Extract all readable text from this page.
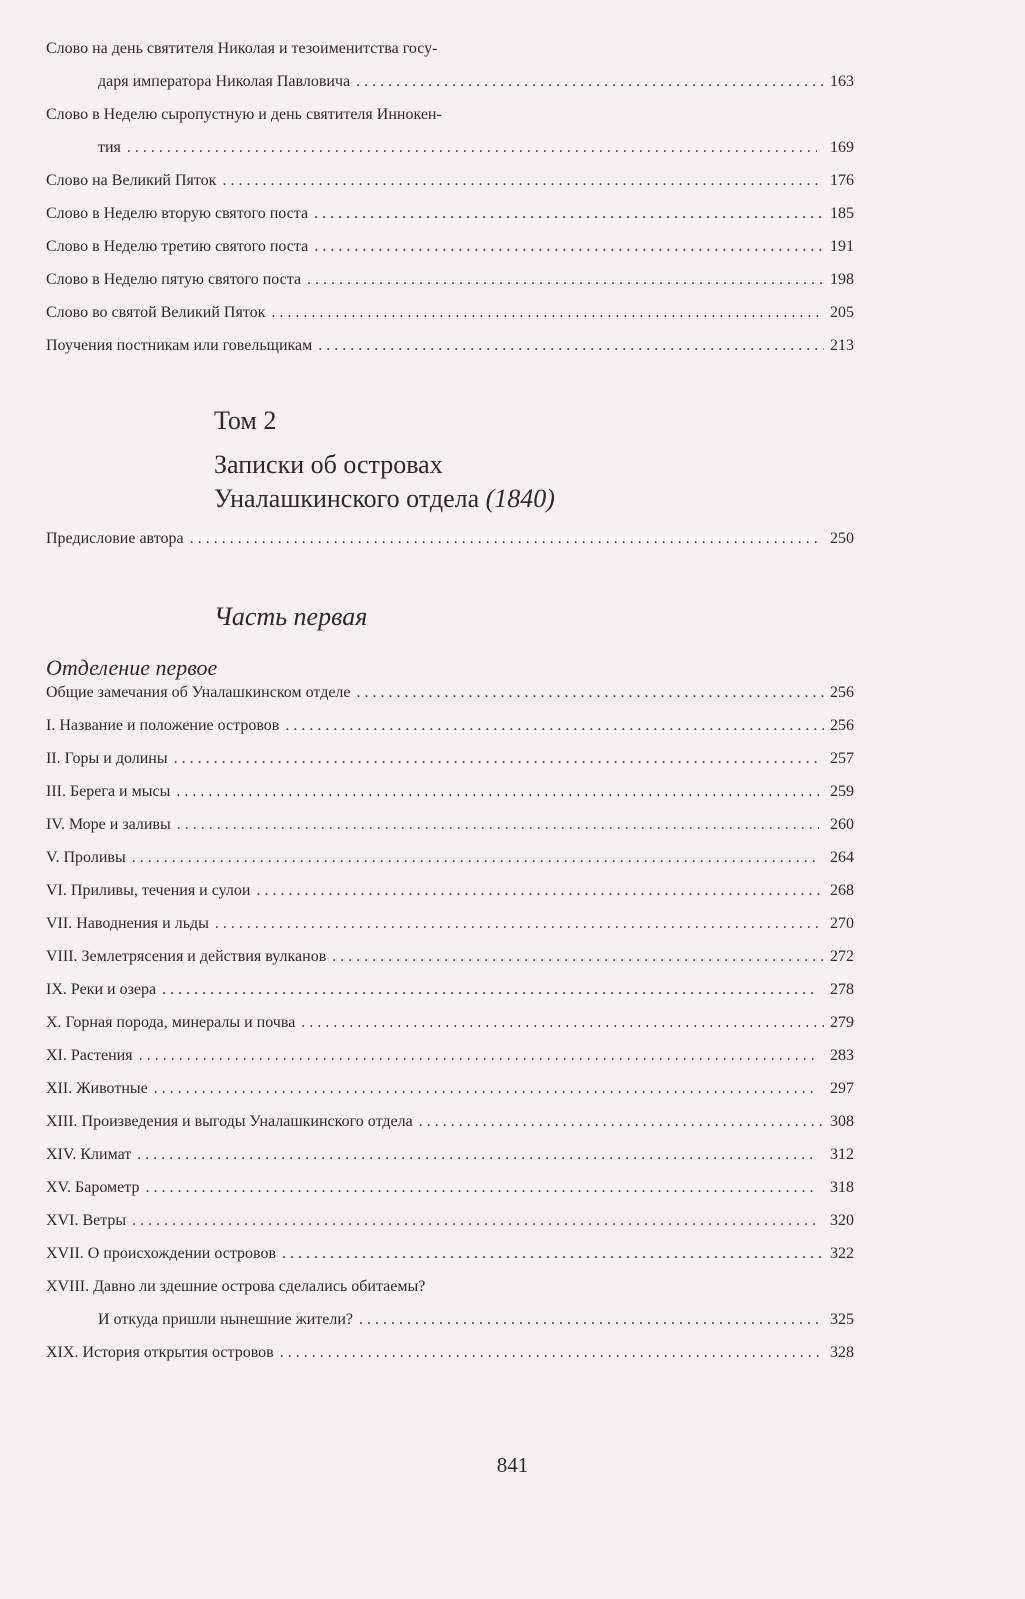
Слово на день святителя Николая и тезоименитства госу-
даря императора Николая Павловича . . .	163
Слово в Неделю сыропустную и день святителя Иннокен-
тия . . .	169
Слово на Великий Пяток . . .	176
Слово в Неделю вторую святого поста . . .	185
Слово в Неделю третию святого поста . . .	191
Слово в Неделю пятую святого поста . . .	198
Слово во святой Великий Пяток . . .	205
Поучения постникам или говельщикам . . .	213
Том 2
Записки об островах
Уналашкинского отдела (1840)
Предисловие автора . . .	250
Часть первая
Отделение первое
Общие замечания об Уналашкинском отделе . . .	256
I. Название и положение островов . . .	256
II. Горы и долины . . .	257
III. Берега и мысы . . .	259
IV. Море и заливы . . .	260
V. Проливы . . .	264
VI. Приливы, течения и сулои . . .	268
VII. Наводнения и льды . . .	270
VIII. Землетрясения и действия вулканов . . .	272
IX. Реки и озера . . .	278
X. Горная порода, минералы и почва . . .	279
XI. Растения . . .	283
XII. Животные . . .	297
XIII. Произведения и выгоды Уналашкинского отдела . . .	308
XIV. Климат . . .	312
XV. Барометр . . .	318
XVI. Ветры . . .	320
XVII. О происхождении островов . . .	322
XVIII. Давно ли здешние острова сделались обитаемы?
И откуда пришли нынешние жители? . . .	325
XIX. История открытия островов . . .	328
841
